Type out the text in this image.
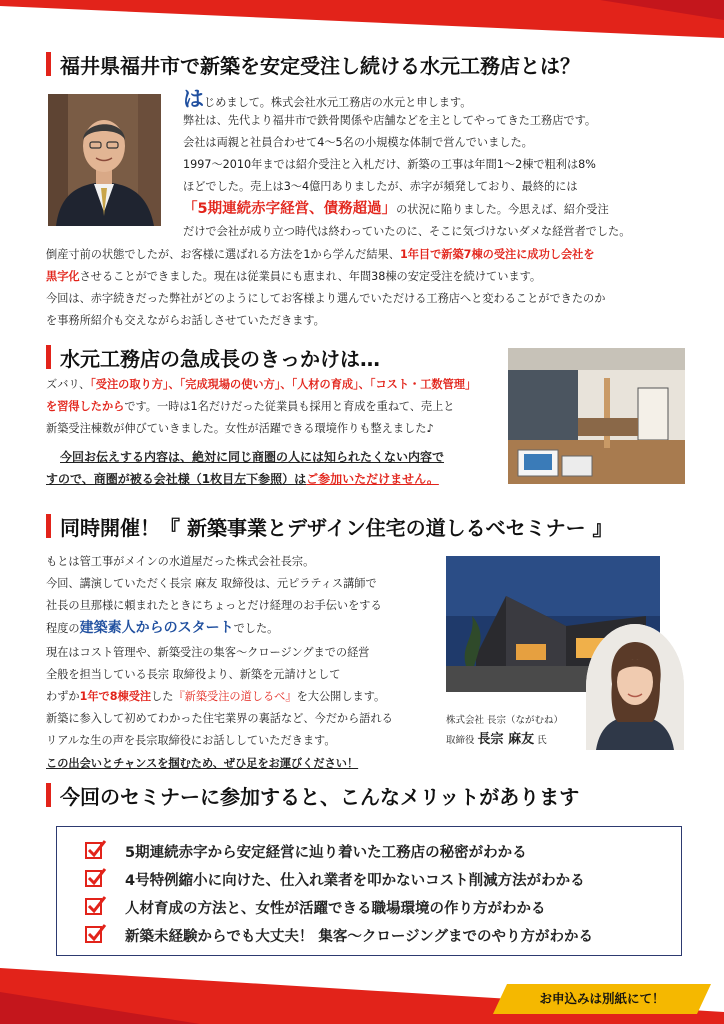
福井県福井市で新築を安定受注し続ける水元工務店とは？
はじめまして。株式会社水元工務店の水元と申します。
弊社は、先代より福井市で鉄骨関係や店舗などを主としてやってきた工務店です。
会社は両親と社員合わせて4～5名の小規模な体制で営んでいました。
1997～2010年までは紹介受注と入札だけ、新築の工事は年間1～2棟で粗利は8%
ほどでした。売上は3～4億円ありましたが、赤字が頻発しており、最終的には
「5期連続赤字経営、債務超過」の状況に陥りました。今思えば、紹介受注
だけで会社が成り立つ時代は終わっていたのに、そこに気づけないダメな経営者でした。
倒産寸前の状態でしたが、お客様に選ばれる方法を1から学んだ結果、1年目で新築7棟の受注に成功し会社を
黒字化させることができました。現在は従業員にも恵まれ、年間38棟の安定受注を続けています。
今回は、赤字続きだった弊社がどのようにしてお客様より選んでいただける工務店へと変わることができたのか
を事務所紹介も交えながらお話しさせていただきます。
水元工務店の急成長のきっかけは…
ズバリ、「受注の取り方」、「完成現場の使い方」、「人材の育成」、「コスト・工数管理」
を習得したからです。一時は1名だけだった従業員も採用と育成を重ねて、売上と
新築受注棟数が伸びていきました。女性が活躍できる環境作りも整えました♪
今回お伝えする内容は、絶対に同じ商圏の人には知られたくない内容で
すので、商圏が被る会社様（1枚目左下参照）はご参加いただけません。
同時開催！『 新築事業とデザイン住宅の道しるべセミナー 』
もとは管工事がメインの水道屋だった株式会社長宗。
今回、講演していただく長宗 麻友 取締役は、元ピラティス講師で
社長の旦那様に頼まれたときにちょっとだけ経理のお手伝いをする
程度の建築素人からのスタートでした。
現在はコスト管理や、新築受注の集客～クロージングまでの経営
全般を担当している長宗 取締役より、新築を元請けとして
わずか1年で8棟受注した『新築受注の道しるべ』を大公開します。
新築に参入して初めてわかった住宅業界の裏話など、今だから語れる
リアルな生の声を長宗取締役にお話ししていただきます。
この出会いとチャンスを掴むため、ぜひ足をお運びください！
株式会社 長宗（ながむね）
取締役 長宗 麻友 氏
今回のセミナーに参加すると、こんなメリットがあります
5期連続赤字から安定経営に辿り着いた工務店の秘密がわかる
4号特例縮小に向けた、仕入れ業者を叩かないコスト削減方法がわかる
人材育成の方法と、女性が活躍できる職場環境の作り方がわかる
新築未経験からでも大丈夫！ 集客～クロージングまでのやり方がわかる
お申込みは別紙にて！
